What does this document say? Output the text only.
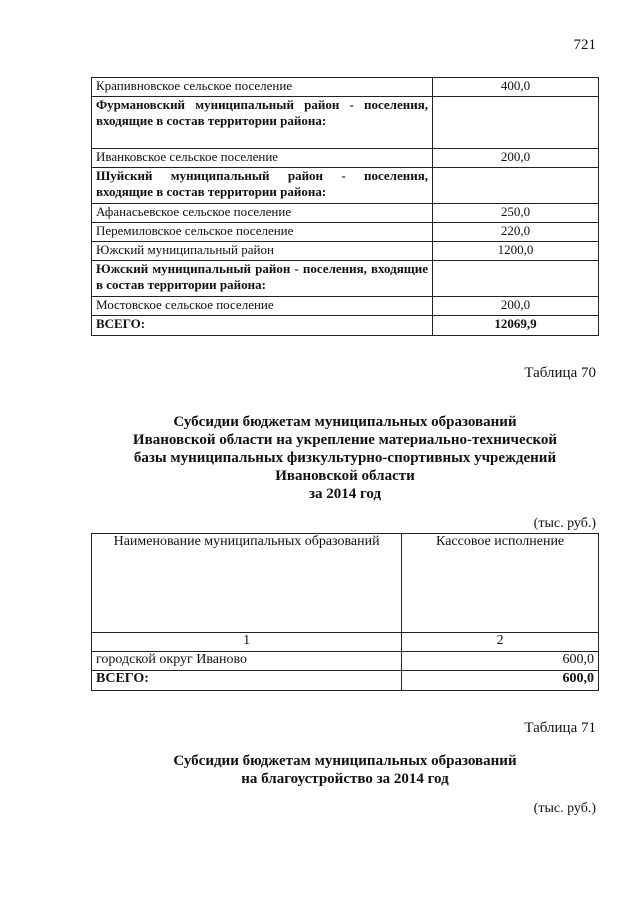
721
Крапивновское сельское поселение	400,0
Фурмановский муниципальный район - поселения, входящие в состав территории района:	
Иванковское сельское поселение	200,0
Шуйский муниципальный район - поселения, входящие в состав территории района:	
Афанасьевское сельское поселение	250,0
Перемиловское сельское поселение	220,0
Южский муниципальный район	1200,0
Южский муниципальный район - поселения, входящие в состав территории района:	
Мостовское сельское поселение	200,0
ВСЕГО:	12069,9
Таблица 70
Субсидии бюджетам муниципальных образований
Ивановской области на укрепление материально-технической
базы муниципальных физкультурно-спортивных учреждений
Ивановской области
за 2014 год
(тыс. руб.)
Наименование муниципальных образований	Кассовое исполнение
1	2
городской округ Иваново	600,0
ВСЕГО:	600,0
Таблица 71
Субсидии бюджетам муниципальных образований
на благоустройство за 2014 год
(тыс. руб.)
